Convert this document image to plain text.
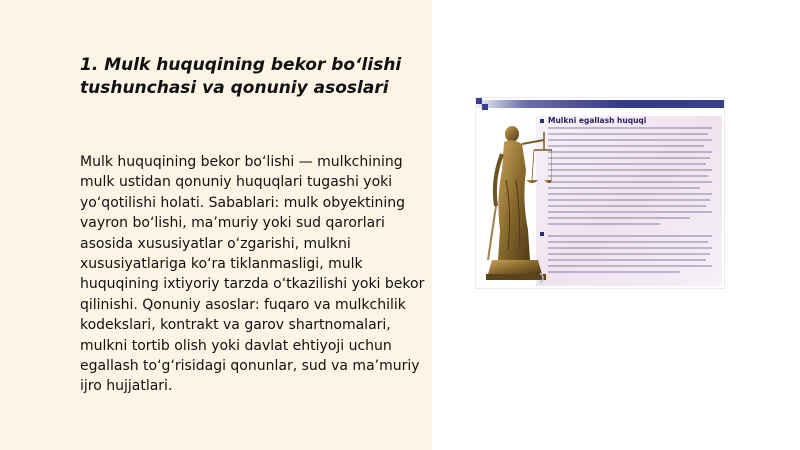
1. Mulk huquqining bekor bo‘lishi tushunchasi va qonuniy asoslari

Mulk huquqining bekor bo‘lishi — mulkchining mulk ustidan qonuniy huquqlari tugashi yoki yo‘qotilishi holati. Sabablari: mulk obyektining vayron bo‘lishi, ma’muriy yoki sud qarorlari asosida xususiyatlar o‘zgarishi, mulkni xususiyatlariga ko‘ra tiklanmasligi, mulk huquqining ixtiyoriy tarzda o‘tkazilishi yoki bekor qilinishi. Qonuniy asoslar: fuqaro va mulkchilik kodekslari, kontrakt va garov shartnomalari, mulkni tortib olish yoki davlat ehtiyoji uchun egallash to‘g‘risidagi qonunlar, sud va ma’muriy ijro hujjatlari.

Mulkni egallash huquqi
